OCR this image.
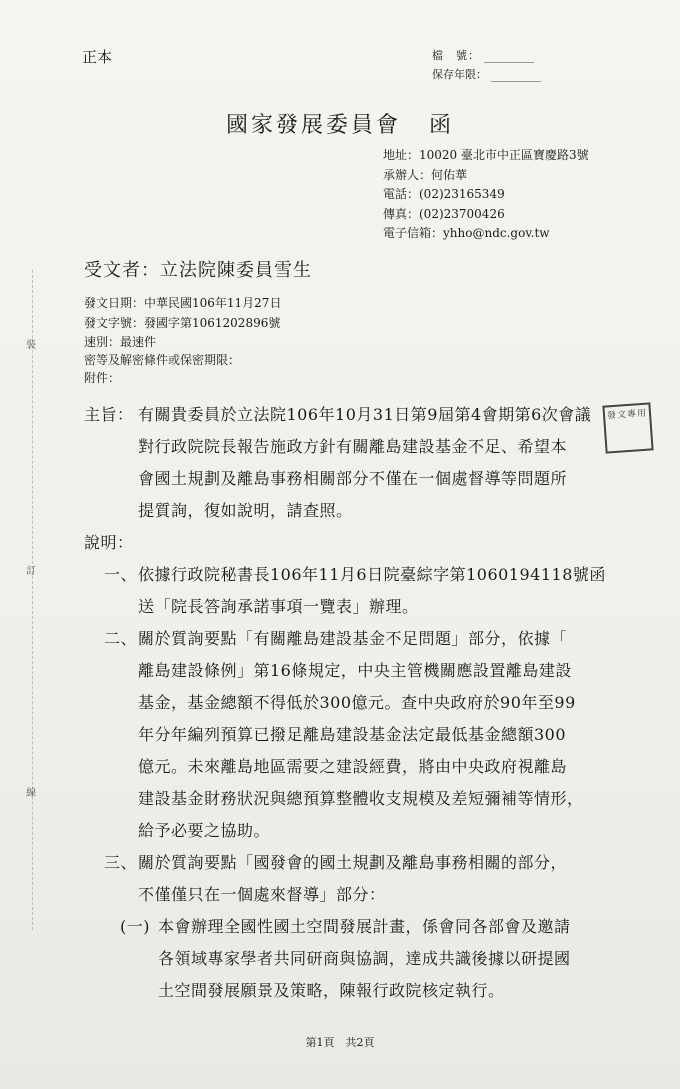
正本	檔　號：
保存年限：
國家發展委員會 函
地址：10020 臺北市中正區寶慶路3號
承辦人：何佑華
電話：(02)23165349
傳真：(02)23700426
電子信箱：yhho@ndc.gov.tw
受文者：立法院陳委員雪生
發文日期：中華民國106年11月27日
發文字號：發國字第1061202896號
速別：最速件
密等及解密條件或保密期限：
附件：
裝
訂
線
主旨： 有關貴委員於立法院106年10月31日第9屆第4會期第6次會議
對行政院院長報告施政方針有關離島建設基金不足、希望本
會國土規劃及離島事務相關部分不僅在一個處督導等問題所
提質詢，復如說明，請查照。
發文專用
說明：
一、 依據行政院秘書長106年11月6日院臺綜字第1060194118號函
送「院長答詢承諾事項一覽表」辦理。
二、 關於質詢要點「有關離島建設基金不足問題」部分，依據「
離島建設條例」第16條規定，中央主管機關應設置離島建設
基金，基金總額不得低於300億元。查中央政府於90年至99
年分年編列預算已撥足離島建設基金法定最低基金總額300
億元。未來離島地區需要之建設經費，將由中央政府視離島
建設基金財務狀況與總預算整體收支規模及差短彌補等情形，
給予必要之協助。
三、 關於質詢要點「國發會的國土規劃及離島事務相關的部分，
不僅僅只在一個處來督導」部分：
(一) 本會辦理全國性國土空間發展計畫，係會同各部會及邀請
各領域專家學者共同研商與協調，達成共識後據以研提國
土空間發展願景及策略，陳報行政院核定執行。
第1頁　共2頁
